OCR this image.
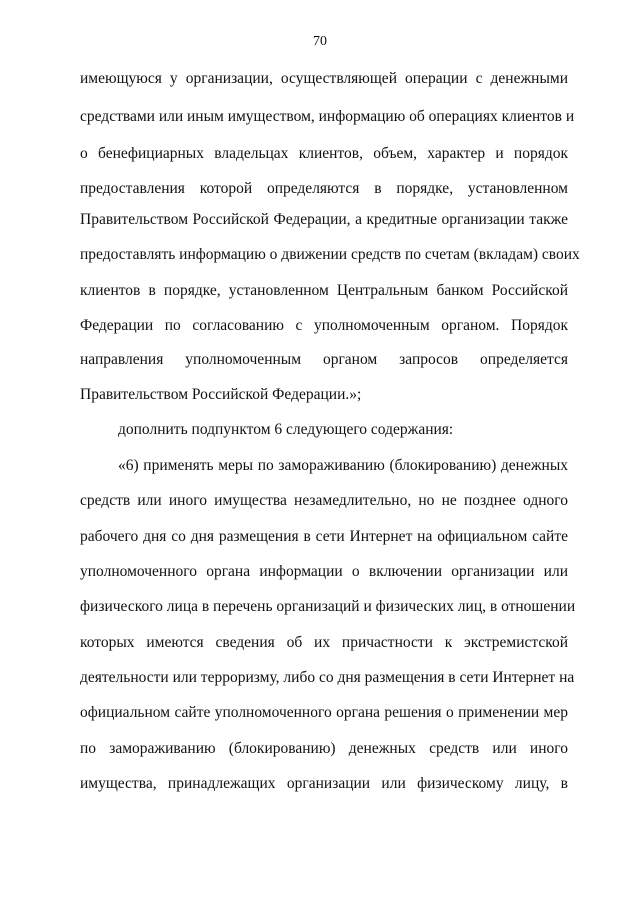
70
имеющуюся у организации, осуществляющей операции с денежными
средствами или иным имуществом, информацию об операциях клиентов и
о бенефициарных владельцах клиентов, объем, характер и порядок
предоставления которой определяются в порядке, установленном
Правительством Российской Федерации, а кредитные организации также
предоставлять информацию о движении средств по счетам (вкладам) своих
клиентов в порядке, установленном Центральным банком Российской
Федерации по согласованию с уполномоченным органом. Порядок
направления уполномоченным органом запросов определяется
Правительством Российской Федерации.»;
дополнить подпунктом 6 следующего содержания:
«6) применять меры по замораживанию (блокированию) денежных
средств или иного имущества незамедлительно, но не позднее одного
рабочего дня со дня размещения в сети Интернет на официальном сайте
уполномоченного органа информации о включении организации или
физического лица в перечень организаций и физических лиц, в отношении
которых имеются сведения об их причастности к экстремистской
деятельности или терроризму, либо со дня размещения в сети Интернет на
официальном сайте уполномоченного органа решения о применении мер
по замораживанию (блокированию) денежных средств или иного
имущества, принадлежащих организации или физическому лицу, в
